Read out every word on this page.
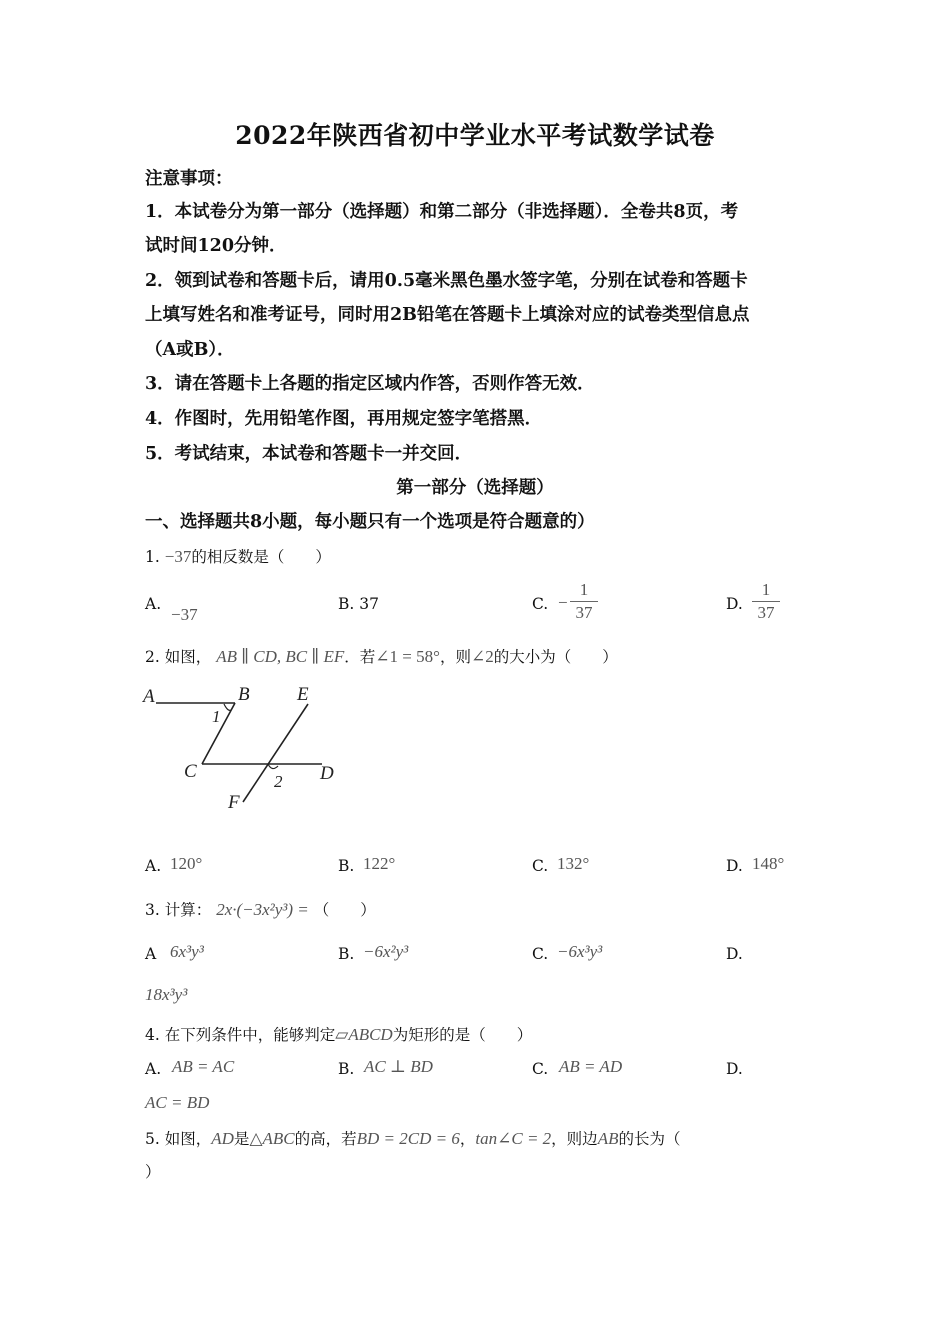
2022年陕西省初中学业水平考试数学试卷
注意事项：
1．本试卷分为第一部分（选择题）和第二部分（非选择题）．全卷共8页，考
试时间120分钟．
2．领到试卷和答题卡后，请用0.5毫米黑色墨水签字笔，分别在试卷和答题卡
上填写姓名和准考证号，同时用2B铅笔在答题卡上填涂对应的试卷类型信息点
（A或B）．
3．请在答题卡上各题的指定区域内作答，否则作答无效．
4．作图时，先用铅笔作图，再用规定签字笔搭黑．
5．考试结束，本试卷和答题卡一并交回．
第一部分（选择题）
一、选择题共8小题，每小题只有一个选项是符合题意的）
1. −37的相反数是（　　）
A.
−37
B. 37	C. −
1
37	D.
1
37
2. 如图， AB ∥ CD, BC ∥ EF．若∠1 = 58°，则∠2的大小为（　　）
A	B E
1
C	2 D
F
A. 120°	B. 122°	C. 132°	D. 148°
3. 计算： 2x·(−3x²y³) = （　　）
A 6x³y³	B. −6x²y³	C. −6x³y³	D.
18x³y³
4. 在下列条件中，能够判定▱ABCD为矩形的是（　　）
A. AB = AC	B. AC ⊥ BD	C. AB = AD	D.
AC = BD
5. 如图，AD是△ABC的高，若BD = 2CD = 6，tan∠C = 2，则边AB的长为（
）
